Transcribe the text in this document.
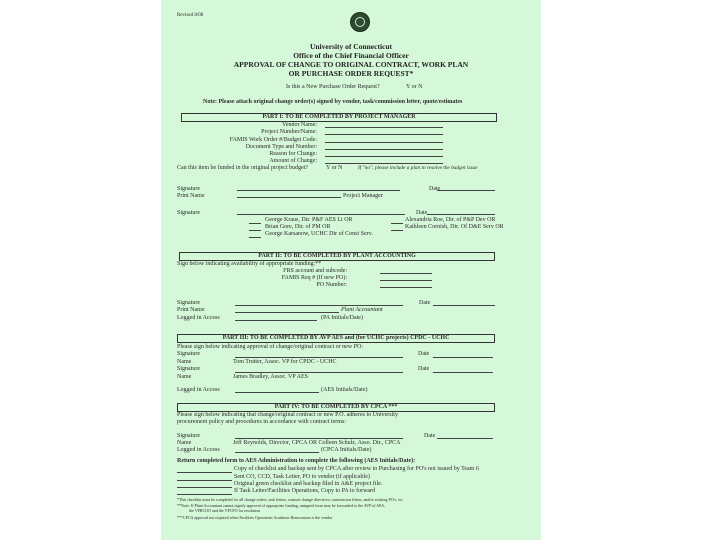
Revised 8/08
University of Connecticut
Office of the Chief Financial Officer
APPROVAL OF CHANGE TO ORIGINAL CONTRACT, WORK PLAN
OR PURCHASE ORDER REQUEST*
Is this a New Purchase Order Request?	Y or N
Note: Please attach original change order(s) signed by vendor, task/commission letter, quote/estimates
PART I: TO BE COMPLETED BY PROJECT MANAGER
Vendor Name:
Project Number/Name:
FAMIS Work Order #/Budget Code:
Document Type and Number:
Reason for Change:
Amount of Change:
Can this item be funded in the original project budget?	Y or N	If "no", please include a plan to resolve the budget issue
Signature	Date
Print Name	Project Manager
Signature	Date
George Kraus, Dir. P&F AES Lt OR	Alexandria Roe, Dir. of P&P Dev OR
Brian Gore, Dir. of PM OR	Kathleen Cornish, Dir. Of D&E Serv OR
George Karsanow, UCHC Dir of Const Serv.
PART II: TO BE COMPLETED BY PLANT ACCOUNTING
Sign below indicating availability of appropriate funding:**
FRS account and subcode:
FAMIS Req # (If new PO):
PO Number:
Signature	Date
Print Name	Plant Accountant
Logged in Access	(PA Initials/Date)
PART III: TO BE COMPLETED BY AVP AES and (for UCHC projects) CPDC - UCHC
Please sign below indicating approval of change/original contract or new PO:
Signature	Date
Name	Tom Trutter, Assoc. VP for CPDC - UCHC
Signature	Date
Name	James Bradley, Assoc. VP AES
Logged in Access	(AES Initials/Date)
PART IV: TO BE COMPLETED BY CPCA ***
Please sign below indicating that change/original contract or new P.O. adheres to University
procurement policy and procedures in accordance with contract terms:
Signature	Date
Name	Jeff Reynolds, Director, CPCA OR Colleen Schulz, Asso. Dir., CPCA
Logged in Access	(CPCA Initials/Date)
Return completed form to AES Administration to complete the following (AES Initials/Date):
Copy of checklist and backup sent by CPCA after review to Purchasing for PO's not issued by Team 6
Sent CO, CCD, Task Letter, PO to vendor (if applicable)
Original green checklist and backup filed in A&E project file.
If Task Letter/Facilities Operations, Copy to PA to forward
*This checklist must be completed for all change orders, task letters, contract change directives, commission letters, and/or existing PO's, etc.
**Note: If Plant Accountant cannot signify approval of appropriate funding, unsigned form may be forwarded to the AVP of AES,
the VPRCOO and the VPCFO for resolution
***CPCA approval not required when Facilities Operations Academic Renovations is the vendor
